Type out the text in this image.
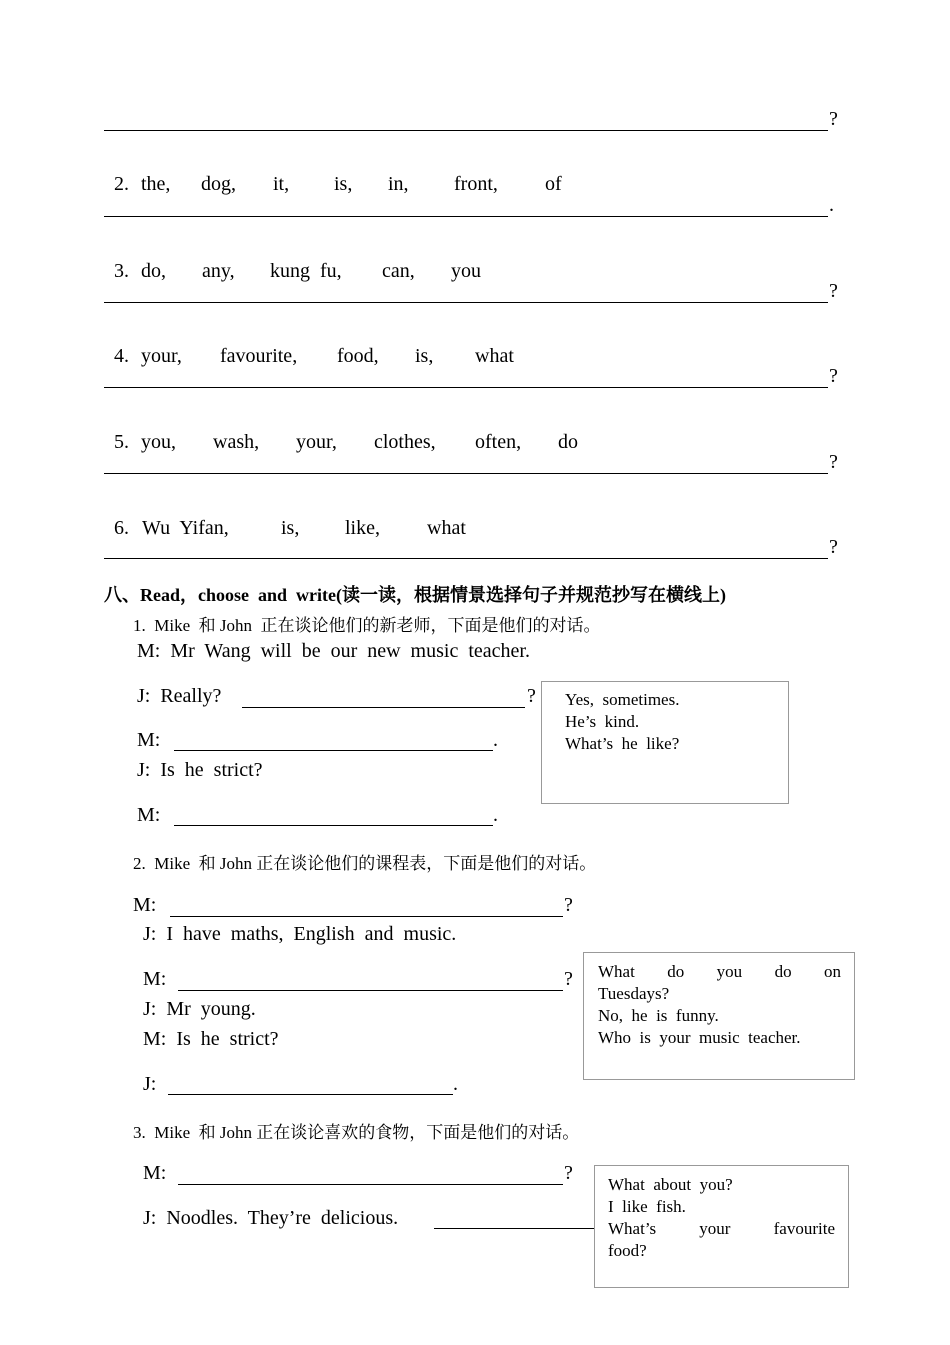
?

2. the, dog, it, is, in, front, of

.

3. do, any, kung  fu, can, you

?

4. your, favourite, food, is, what

?

5. you, wash, your, clothes, often, do

?

6. Wu  Yifan,	is, like, what

?
八、Read，choose  and  write(读一读，根据情景选择句子并规范抄写在横线上)
1.  Mike  和 John  正在谈论他们的新老师，下面是他们的对话。
M:  Mr  Wang  will  be  our  new  music  teacher.
J:  Really?	?
M:	.
J:  Is  he  strict?
M:	.
Yes,  sometimes.
He’s  kind.
What’s  he  like?
2.  Mike  和 John 正在谈论他们的课程表，下面是他们的对话。
M:	?
J:  I  have  maths,  English  and  music.
M:	?
J:  Mr  young.
M:  Is  he  strict?
J:	.
What  do  you  do  on
Tuesdays?
No,  he  is  funny.
Who  is  your  music  teacher.
3.  Mike  和 John 正在谈论喜欢的食物，下面是他们的对话。
M:	?
J:  Noodles.  They’re  delicious.
What  about  you?
I  like  fish.
What’s  your  favourite
food?
